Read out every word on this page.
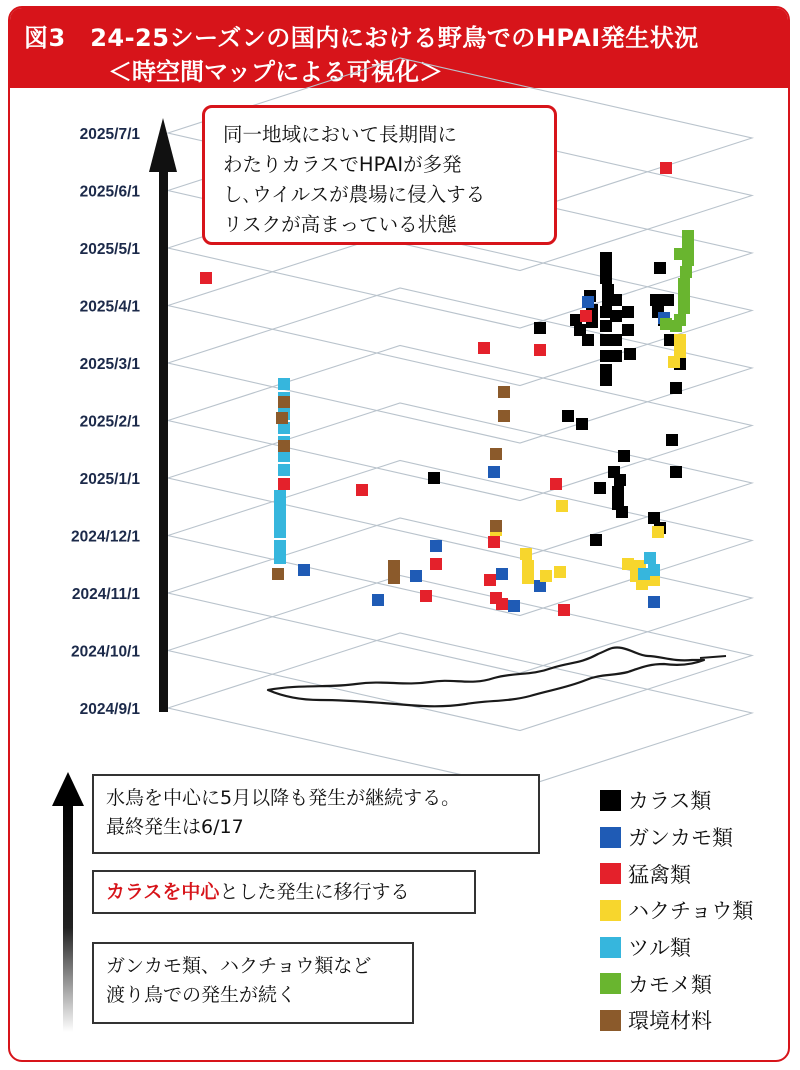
図3　24-25シーズンの国内における野鳥でのHPAI発生状況
＜時空間マップによる可視化＞
2025/7/1
2025/6/1
2025/5/1
2025/4/1
2025/3/1
2025/2/1
2025/1/1
2024/12/1
2024/11/1
2024/10/1
2024/9/1
同一地域において長期間に
わたりカラスでHPAIが多発
し､ウイルスが農場に侵入する
リスクが高まっている状態
水鳥を中心に5月以降も発生が継続する。
最終発生は6/17
カラスを中心とした発生に移行する
ガンカモ類、ハクチョウ類など
渡り鳥での発生が続く
カラス類
ガンカモ類
猛禽類
ハクチョウ類
ツル類
カモメ類
環境材料
